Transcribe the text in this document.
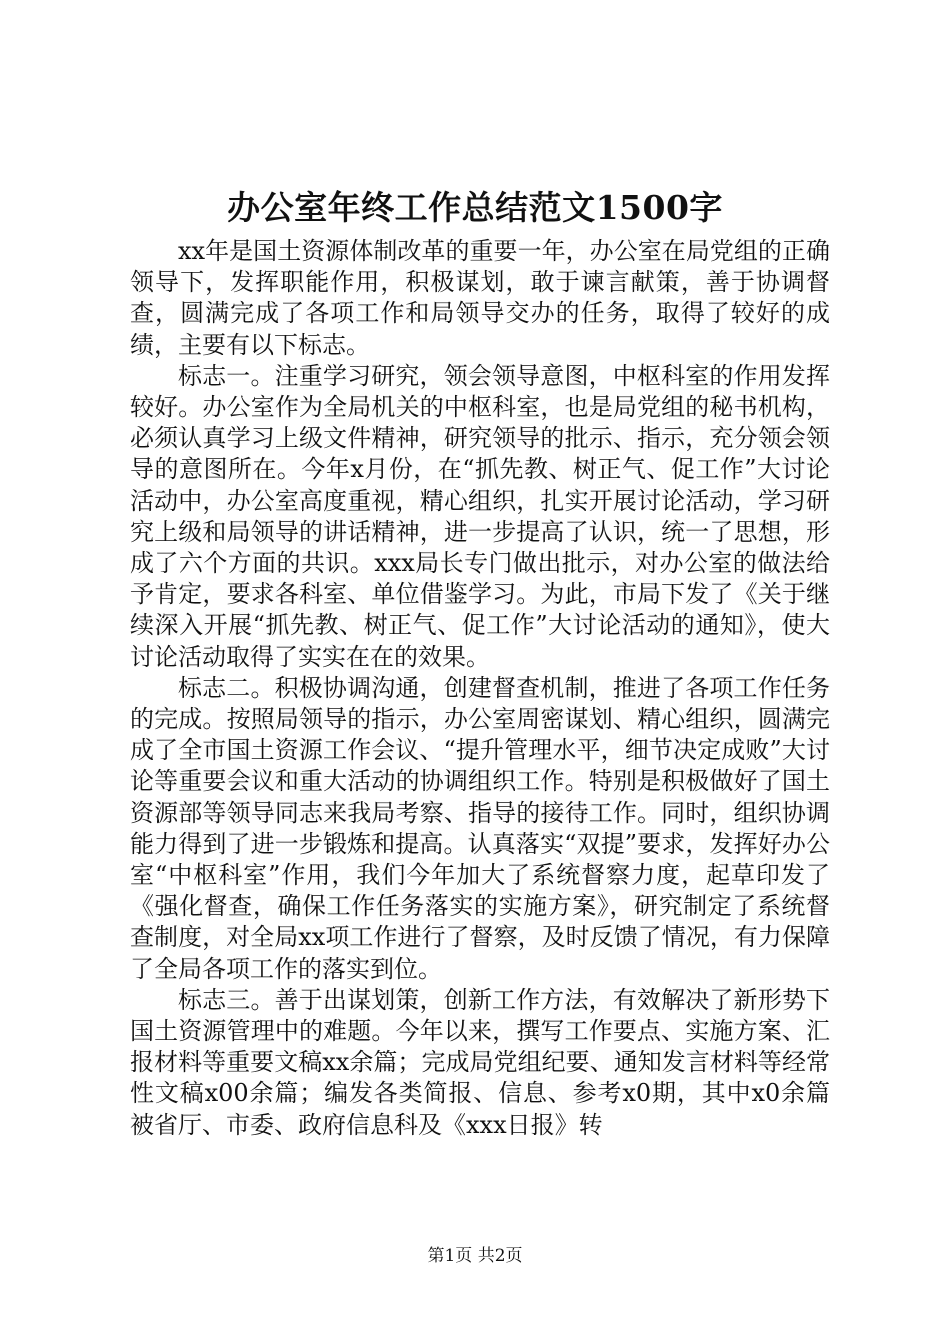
办公室年终工作总结范文1500字

xx年是国土资源体制改革的重要一年，办公室在局党组的正确领导下，发挥职能作用，积极谋划，敢于谏言献策，善于协调督查，圆满完成了各项工作和局领导交办的任务，取得了较好的成绩，主要有以下标志。

标志一。注重学习研究，领会领导意图，中枢科室的作用发挥较好。办公室作为全局机关的中枢科室，也是局党组的秘书机构，必须认真学习上级文件精神，研究领导的批示、指示，充分领会领导的意图所在。今年x月份，在“抓先教、树正气、促工作”大讨论活动中，办公室高度重视，精心组织，扎实开展讨论活动，学习研究上级和局领导的讲话精神，进一步提高了认识，统一了思想，形成了六个方面的共识。xxx局长专门做出批示，对办公室的做法给予肯定，要求各科室、单位借鉴学习。为此，市局下发了《关于继续深入开展“抓先教、树正气、促工作”大讨论活动的通知》，使大讨论活动取得了实实在在的效果。

标志二。积极协调沟通，创建督查机制，推进了各项工作任务的完成。按照局领导的指示，办公室周密谋划、精心组织，圆满完成了全市国土资源工作会议、“提升管理水平，细节决定成败”大讨论等重要会议和重大活动的协调组织工作。特别是积极做好了国土资源部等领导同志来我局考察、指导的接待工作。同时，组织协调能力得到了进一步锻炼和提高。认真落实“双提”要求，发挥好办公室“中枢科室”作用，我们今年加大了系统督察力度，起草印发了《强化督查，确保工作任务落实的实施方案》，研究制定了系统督查制度，对全局xx项工作进行了督察，及时反馈了情况，有力保障了全局各项工作的落实到位。

标志三。善于出谋划策，创新工作方法，有效解决了新形势下国土资源管理中的难题。今年以来，撰写工作要点、实施方案、汇报材料等重要文稿xx余篇；完成局党组纪要、通知发言材料等经常性文稿x00余篇；编发各类简报、信息、参考x0期，其中x0余篇被省厅、市委、政府信息科及《xxx日报》转

第1页 共2页
